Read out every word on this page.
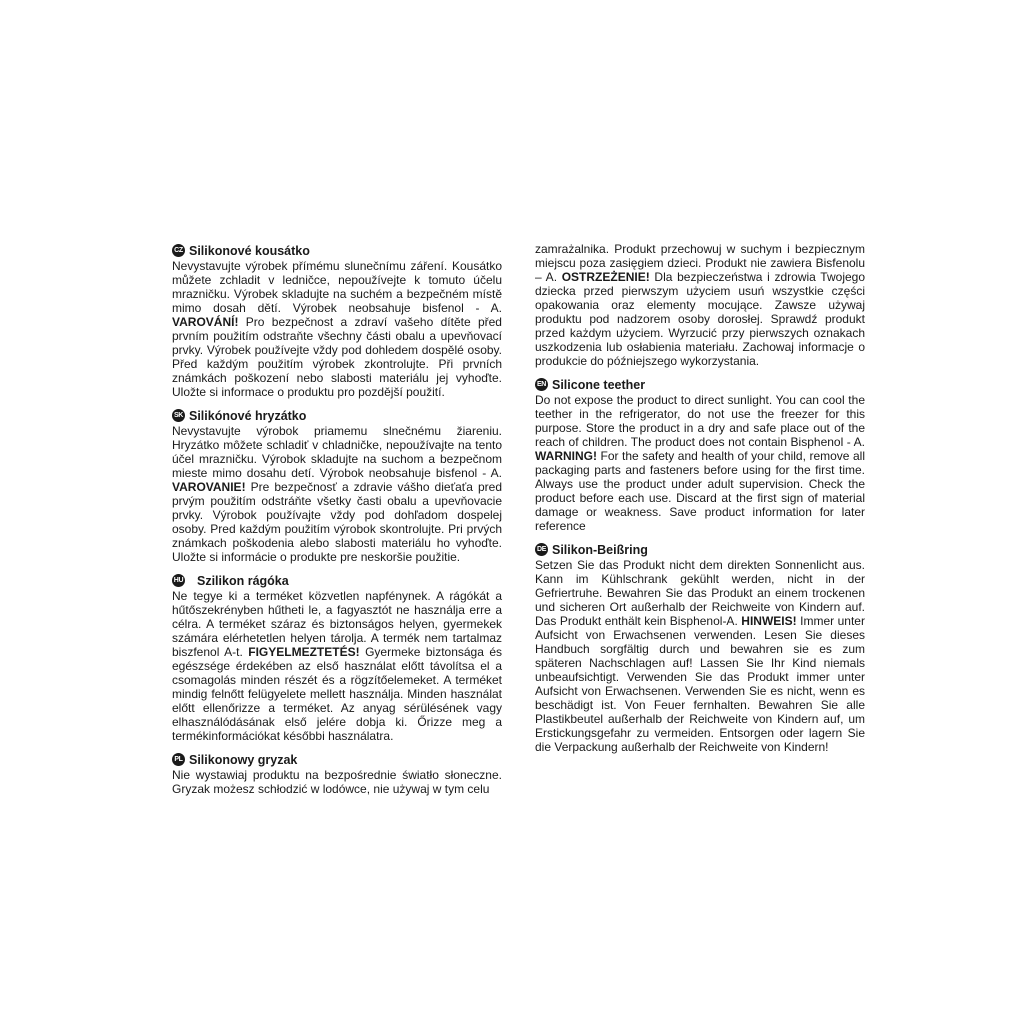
CZ Silikonové kousátko
Nevystavujte výrobek přímému slunečnímu záření. Kousátko můžete zchladit v ledničce, nepoužívejte k tomuto účelu mrazničku. Výrobek skladujte na suchém a bezpečném místě mimo dosah dětí. Výrobek neobsahuje bisfenol - A. VAROVÁNÍ! Pro bezpečnost a zdraví vašeho dítěte před prvním použitím odstraňte všechny části obalu a upevňovací prvky. Výrobek používejte vždy pod dohledem dospělé osoby. Před každým použitím výrobek zkontrolujte. Při prvních známkách poškození nebo slabosti materiálu jej vyhoďte. Uložte si informace o produktu pro pozdější použití.
SK Silikónové hryzátko
Nevystavujte výrobok priamemu slnečnému žiareniu. Hryzátko môžete schladiť v chladničke, nepoužívajte na tento účel mrazničku. Výrobok skladujte na suchom a bezpečnom mieste mimo dosahu detí. Výrobok neobsahuje bisfenol - A. VAROVANIE! Pre bezpečnosť a zdravie vášho dieťaťa pred prvým použitím odstráňte všetky časti obalu a upevňovacie prvky. Výrobok používajte vždy pod dohľadom dospelej osoby. Pred každým použitím výrobok skontrolujte. Pri prvých známkach poškodenia alebo slabosti materiálu ho vyhoďte. Uložte si informácie o produkte pre neskoršie použitie.
HU Szilikon rágóka
Ne tegye ki a terméket közvetlen napfénynek. A rágókát a hűtőszekrényben hűtheti le, a fagyasztót ne használja erre a célra. A terméket száraz és biztonságos helyen, gyermekek számára elérhetetlen helyen tárolja. A termék nem tartalmaz biszfenol A-t. FIGYELMEZTETÉS! Gyermeke biztonsága és egészsége érdekében az első használat előtt távolítsa el a csomagolás minden részét és a rögzítőelemeket. A terméket mindig felnőtt felügyelete mellett használja. Minden használat előtt ellenőrizze a terméket. Az anyag sérülésének vagy elhasználódásának első jelére dobja ki. Őrizze meg a termékinformációkat későbbi használatra.
PL Silikonowy gryzak
Nie wystawiaj produktu na bezpośrednie światło słoneczne. Gryzak możesz schłodzić w lodówce, nie używaj w tym celu
zamrażalnika. Produkt przechowuj w suchym i bezpiecznym miejscu poza zasięgiem dzieci. Produkt nie zawiera Bisfenolu – A. OSTRZEŻENIE! Dla bezpieczeństwa i zdrowia Twojego dziecka przed pierwszym użyciem usuń wszystkie części opakowania oraz elementy mocujące. Zawsze używaj produktu pod nadzorem osoby dorosłej. Sprawdź produkt przed każdym użyciem. Wyrzucić przy pierwszych oznakach uszkodzenia lub osłabienia materiału. Zachowaj informacje o produkcie do późniejszego wykorzystania.
EN Silicone teether
Do not expose the product to direct sunlight. You can cool the teether in the refrigerator, do not use the freezer for this purpose. Store the product in a dry and safe place out of the reach of children. The product does not contain Bisphenol - A. WARNING! For the safety and health of your child, remove all packaging parts and fasteners before using for the first time. Always use the product under adult supervision. Check the product before each use. Discard at the first sign of material damage or weakness. Save product information for later reference
DE Silikon-Beißring
Setzen Sie das Produkt nicht dem direkten Sonnenlicht aus. Kann im Kühlschrank gekühlt werden, nicht in der Gefriertruhe. Bewahren Sie das Produkt an einem trockenen und sicheren Ort außerhalb der Reichweite von Kindern auf. Das Produkt enthält kein Bisphenol-A. HINWEIS! Immer unter Aufsicht von Erwachsenen verwenden. Lesen Sie dieses Handbuch sorgfältig durch und bewahren sie es zum späteren Nachschlagen auf! Lassen Sie Ihr Kind niemals unbeaufsichtigt. Verwenden Sie das Produkt immer unter Aufsicht von Erwachsenen. Verwenden Sie es nicht, wenn es beschädigt ist. Von Feuer fernhalten. Bewahren Sie alle Plastikbeutel außerhalb der Reichweite von Kindern auf, um Erstickungsgefahr zu vermeiden. Entsorgen oder lagern Sie die Verpackung außerhalb der Reichweite von Kindern!
